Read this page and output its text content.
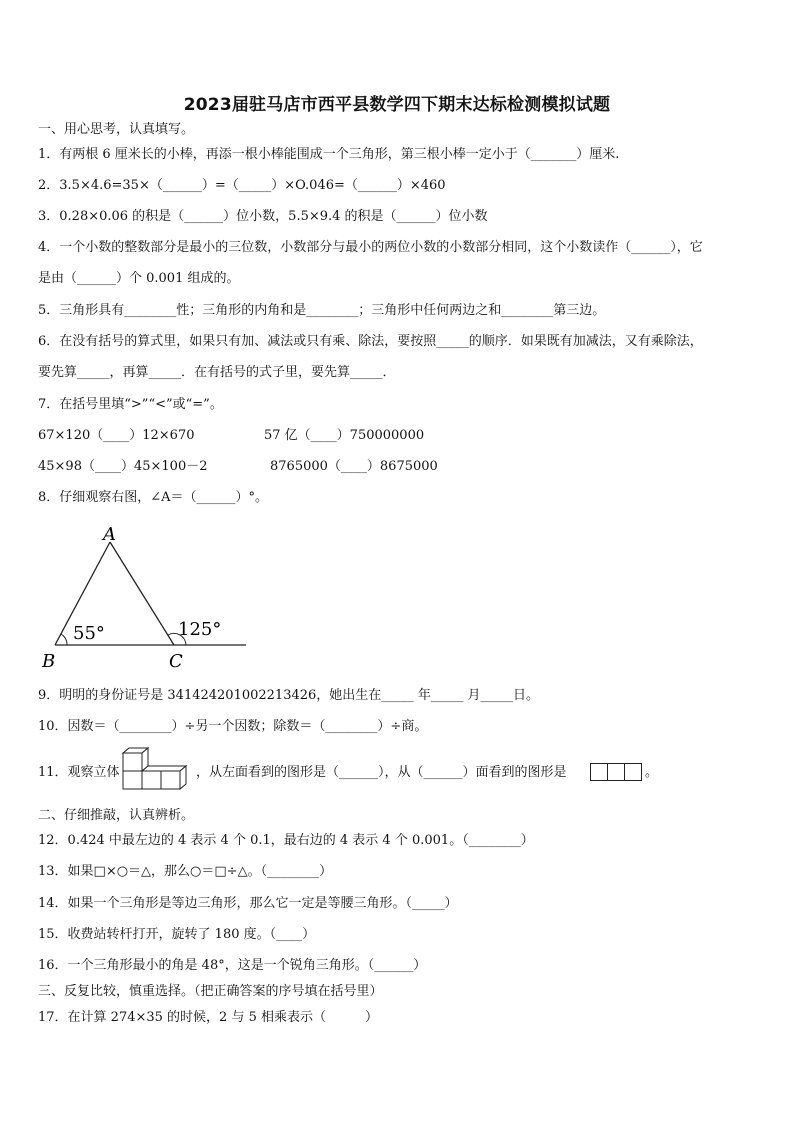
2023届驻马店市西平县数学四下期末达标检测模拟试题
一、用心思考，认真填写。
1．有两根 6 厘米长的小棒，再添一根小棒能围成一个三角形，第三根小棒一定小于（_______）厘米.
2．3.5×4.6=35×（______）=（_____）×O.046=（______）×460
3．0.28×0.06 的积是（______）位小数，5.5×9.4 的积是（______）位小数
4．一个小数的整数部分是最小的三位数，小数部分与最小的两位小数的小数部分相同，这个小数读作（______），它
是由（______）个 0.001 组成的。
5．三角形具有________性；三角形的内角和是________；三角形中任何两边之和________第三边。
6．在没有括号的算式里，如果只有加、减法或只有乘、除法，要按照_____的顺序．如果既有加减法，又有乘除法，
要先算_____，再算_____．在有括号的式子里，要先算_____．
7．在括号里填“>”“<”或“=”。
67×120（____）12×670	57 亿（____）750000000
45×98（____）45×100－2	8765000（____）8675000
8．仔细观察右图，∠A＝（______）°。
A
B	C
55°	125°
9．明明的身份证号是 341424201002213426，她出生在_____ 年_____ 月_____日。
10．因数＝（________）÷另一个因数；除数＝（________）÷商。
11．观察立体	，从左面看到的图形是（______），从（______）面看到的图形是	。
二、仔细推敲，认真辨析。
12．0.424 中最左边的 4 表示 4 个 0.1，最右边的 4 表示 4 个 0.001。（________）
13．如果□×○＝△，那么○＝□÷△。（________）
14．如果一个三角形是等边三角形，那么它一定是等腰三角形。（_____）
15．收费站转杆打开，旋转了 180 度。（____）
16．一个三角形最小的角是 48°，这是一个锐角三角形。（______）
三、反复比较，慎重选择。（把正确答案的序号填在括号里）
17．在计算 274×35 的时候，2 与 5 相乘表示（　　　）
